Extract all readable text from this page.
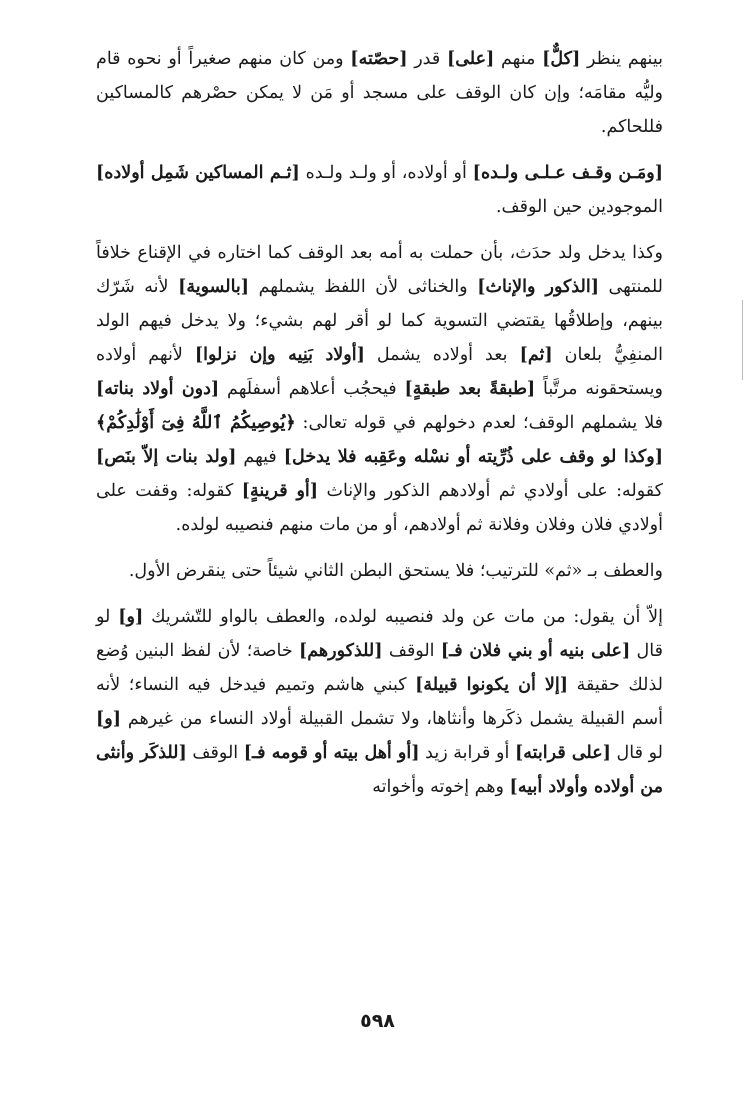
بينهم ينظر [كلٌّ] منهم [على] قدر [حصّته] ومن كان منهم صغيراً أو نحوه قام وليُّه مقامَه؛ وإن كان الوقف على مسجد أو مَن لا يمكن حصْرهم كالمساكين فللحاكم.

[ومَـن وقـف عـلـى ولـده] أو أولاده، أو ولـد ولـده [ثـم المساكين شَمِل أولاده] الموجودين حين الوقف.

وكذا يدخل ولد حدَث، بأن حملت به أمه بعد الوقف كما اختاره في الإقناع خلافاً للمنتهى [الذكور والإناث] والخناثى لأن اللفظ يشملهم [بالسوية] لأنه شَرّك بينهم، وإطلاقُها يقتضي التسوية كما لو أقر لهم بشيء؛ ولا يدخل فيهم الولد المنفِيُّ بلعان [ثم] بعد أولاده يشمل [أولاد بَنِيه وإن نزلوا] لأنهم أولاده ويستحقونه مرتَّباً [طبقةً بعد طبقةٍ] فيحجُب أعلاهم أسفلَهم [دون أولاد بناته] فلا يشملهم الوقف؛ لعدم دخولهم في قوله تعالى: ﴿يُوصِيكُمُ ٱللَّهُ فِىٓ أَوْلَٰدِكُمْ﴾ [وكذا لو وقف على ذُرِّيته أو نسْله وعَقِبه فلا يدخل] فيهم [ولد بنات إلاّ بنَص] كقوله: على أولادي ثم أولادهم الذكور والإناث [أو قرينةٍ] كقوله: وقفت على أولادي فلان وفلان وفلانة ثم أولادهم، أو من مات منهم فنصيبه لولده.

والعطف بـ «ثم» للترتيب؛ فلا يستحق البطن الثاني شيئاً حتى ينقرض الأول.

إلاّ أن يقول: من مات عن ولد فنصيبه لولده، والعطف بالواو للتّشريك [و] لو قال [على بنيه أو بني فلان فـ] الوقف [للذكورهم] خاصة؛ لأن لفظ البنين وُضع لذلك حقيقة [إلا أن يكونوا قبيلة] كبني هاشم وتميم فيدخل فيه النساء؛ لأنه أسم القبيلة يشمل ذكَرها وأنثاها، ولا تشمل القبيلة أولاد النساء من غيرهم [و] لو قال [على قرابته] أو قرابة زيد [أو أهل بيته أو قومه فـ] الوقف [للذكَر وأنثى من أولاده وأولاد أبيه] وهم إخوته وأخواته

٥٩٨
